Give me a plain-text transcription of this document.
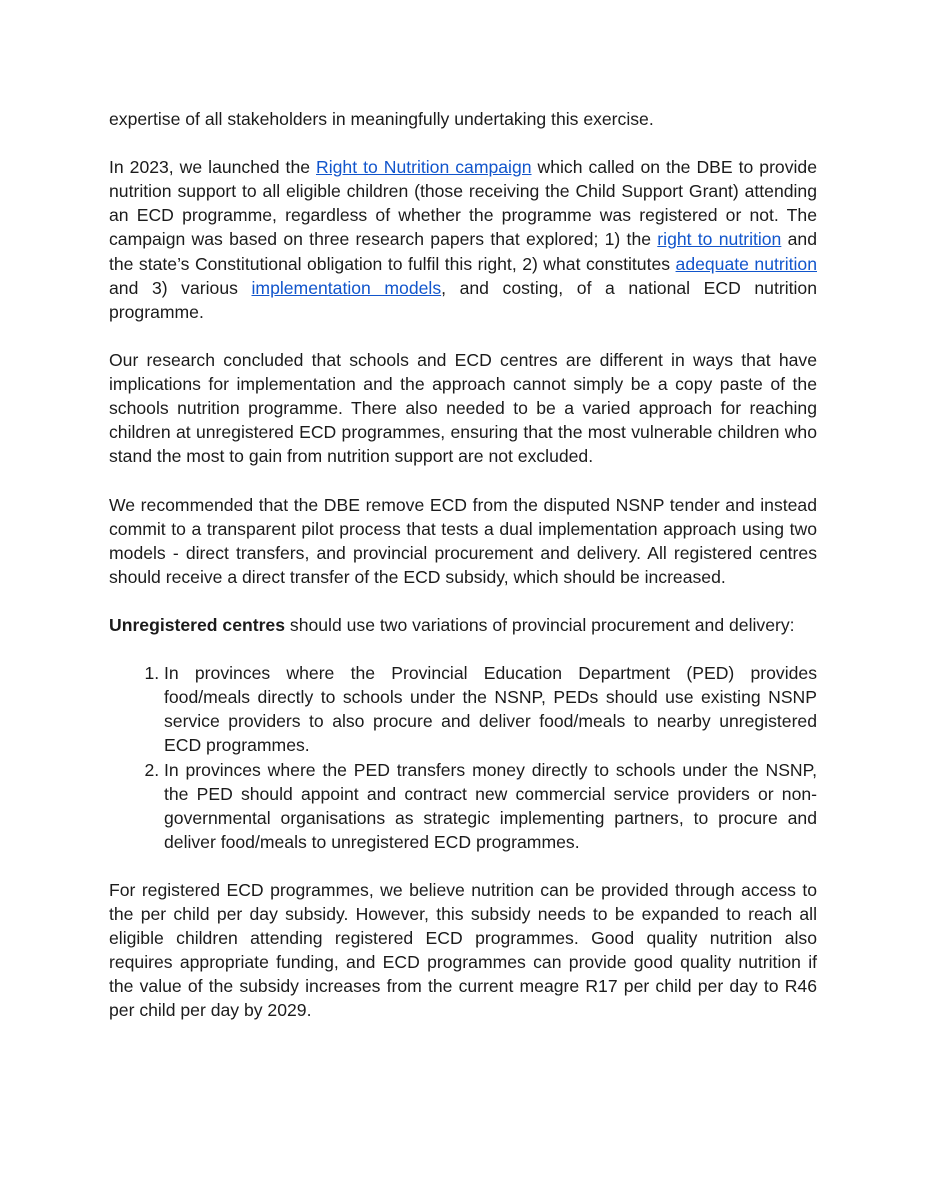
expertise of all stakeholders in meaningfully undertaking this exercise.

In 2023, we launched the Right to Nutrition campaign which called on the DBE to provide nutrition support to all eligible children (those receiving the Child Support Grant) attending an ECD programme, regardless of whether the programme was registered or not. The campaign was based on three research papers that explored; 1) the right to nutrition and the state’s Constitutional obligation to fulfil this right, 2) what constitutes adequate nutrition and 3) various implementation models, and costing, of a national ECD nutrition programme.

Our research concluded that schools and ECD centres are different in ways that have implications for implementation and the approach cannot simply be a copy paste of the schools nutrition programme. There also needed to be a varied approach for reaching children at unregistered ECD programmes, ensuring that the most vulnerable children who stand the most to gain from nutrition support are not excluded.

We recommended that the DBE remove ECD from the disputed NSNP tender and instead commit to a transparent pilot process that tests a dual implementation approach using two models - direct transfers, and provincial procurement and delivery. All registered centres should receive a direct transfer of the ECD subsidy, which should be increased.

Unregistered centres should use two variations of provincial procurement and delivery:

1. In provinces where the Provincial Education Department (PED) provides food/meals directly to schools under the NSNP, PEDs should use existing NSNP service providers to also procure and deliver food/meals to nearby unregistered ECD programmes.
2. In provinces where the PED transfers money directly to schools under the NSNP, the PED should appoint and contract new commercial service providers or non-governmental organisations as strategic implementing partners, to procure and deliver food/meals to unregistered ECD programmes.

For registered ECD programmes, we believe nutrition can be provided through access to the per child per day subsidy. However, this subsidy needs to be expanded to reach all eligible children attending registered ECD programmes. Good quality nutrition also requires appropriate funding, and ECD programmes can provide good quality nutrition if the value of the subsidy increases from the current meagre R17 per child per day to R46 per child per day by 2029.
